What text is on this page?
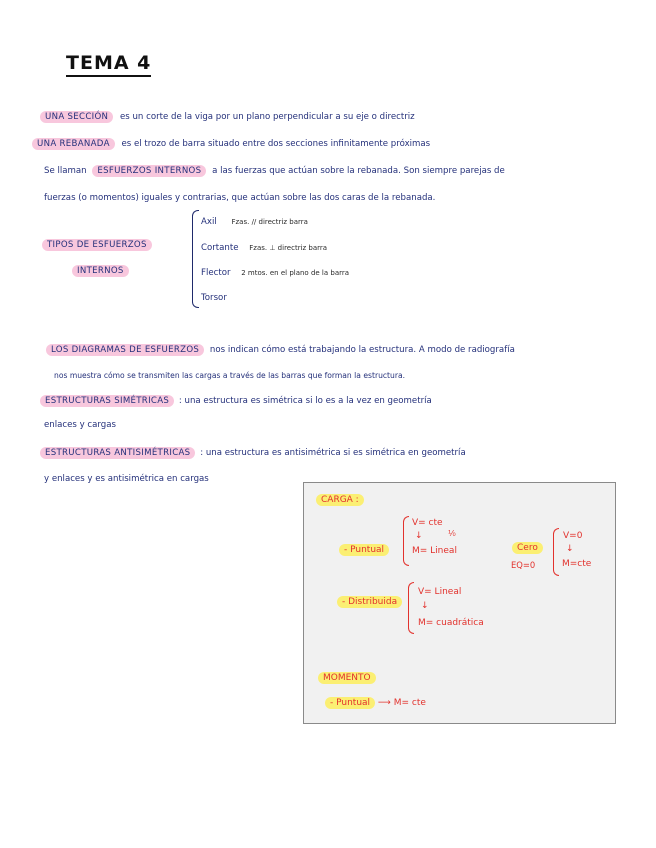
TEMA 4
UNA SECCIÓN es un corte de la viga por un plano perpendicular a su eje o directriz
UNA REBANADA es el trozo de barra situado entre dos secciones infinitamente próximas
Se llaman ESFUERZOS INTERNOS a las fuerzas que actúan sobre la rebanada. Son siempre parejas de
fuerzas (o momentos) iguales y contrarias, que actúan sobre las dos caras de la rebanada.
TIPOS DE ESFUERZOS
INTERNOS
Axil Fzas. // directriz barra
Cortante Fzas. ⊥ directriz barra
Flector 2 mtos. en el plano de la barra
Torsor
LOS DIAGRAMAS DE ESFUERZOS nos indican cómo está trabajando la estructura. A modo de radiografía
nos muestra cómo se transmiten las cargas a través de las barras que forman la estructura.
ESTRUCTURAS SIMÉTRICAS : una estructura es simétrica si lo es a la vez en geometría
enlaces y cargas
ESTRUCTURAS ANTISIMÉTRICAS : una estructura es antisimétrica si es simétrica en geometría
y enlaces y es antisimétrica en cargas
CARGA :
- Puntual
V= cte
↓	⅟₀
M= Lineal	Cero
EQ=0
V=0
↓
M=cte
- Distribuida
V= Lineal
↓
M= cuadrática
MOMENTO
- Puntual ⟶ M= cte
